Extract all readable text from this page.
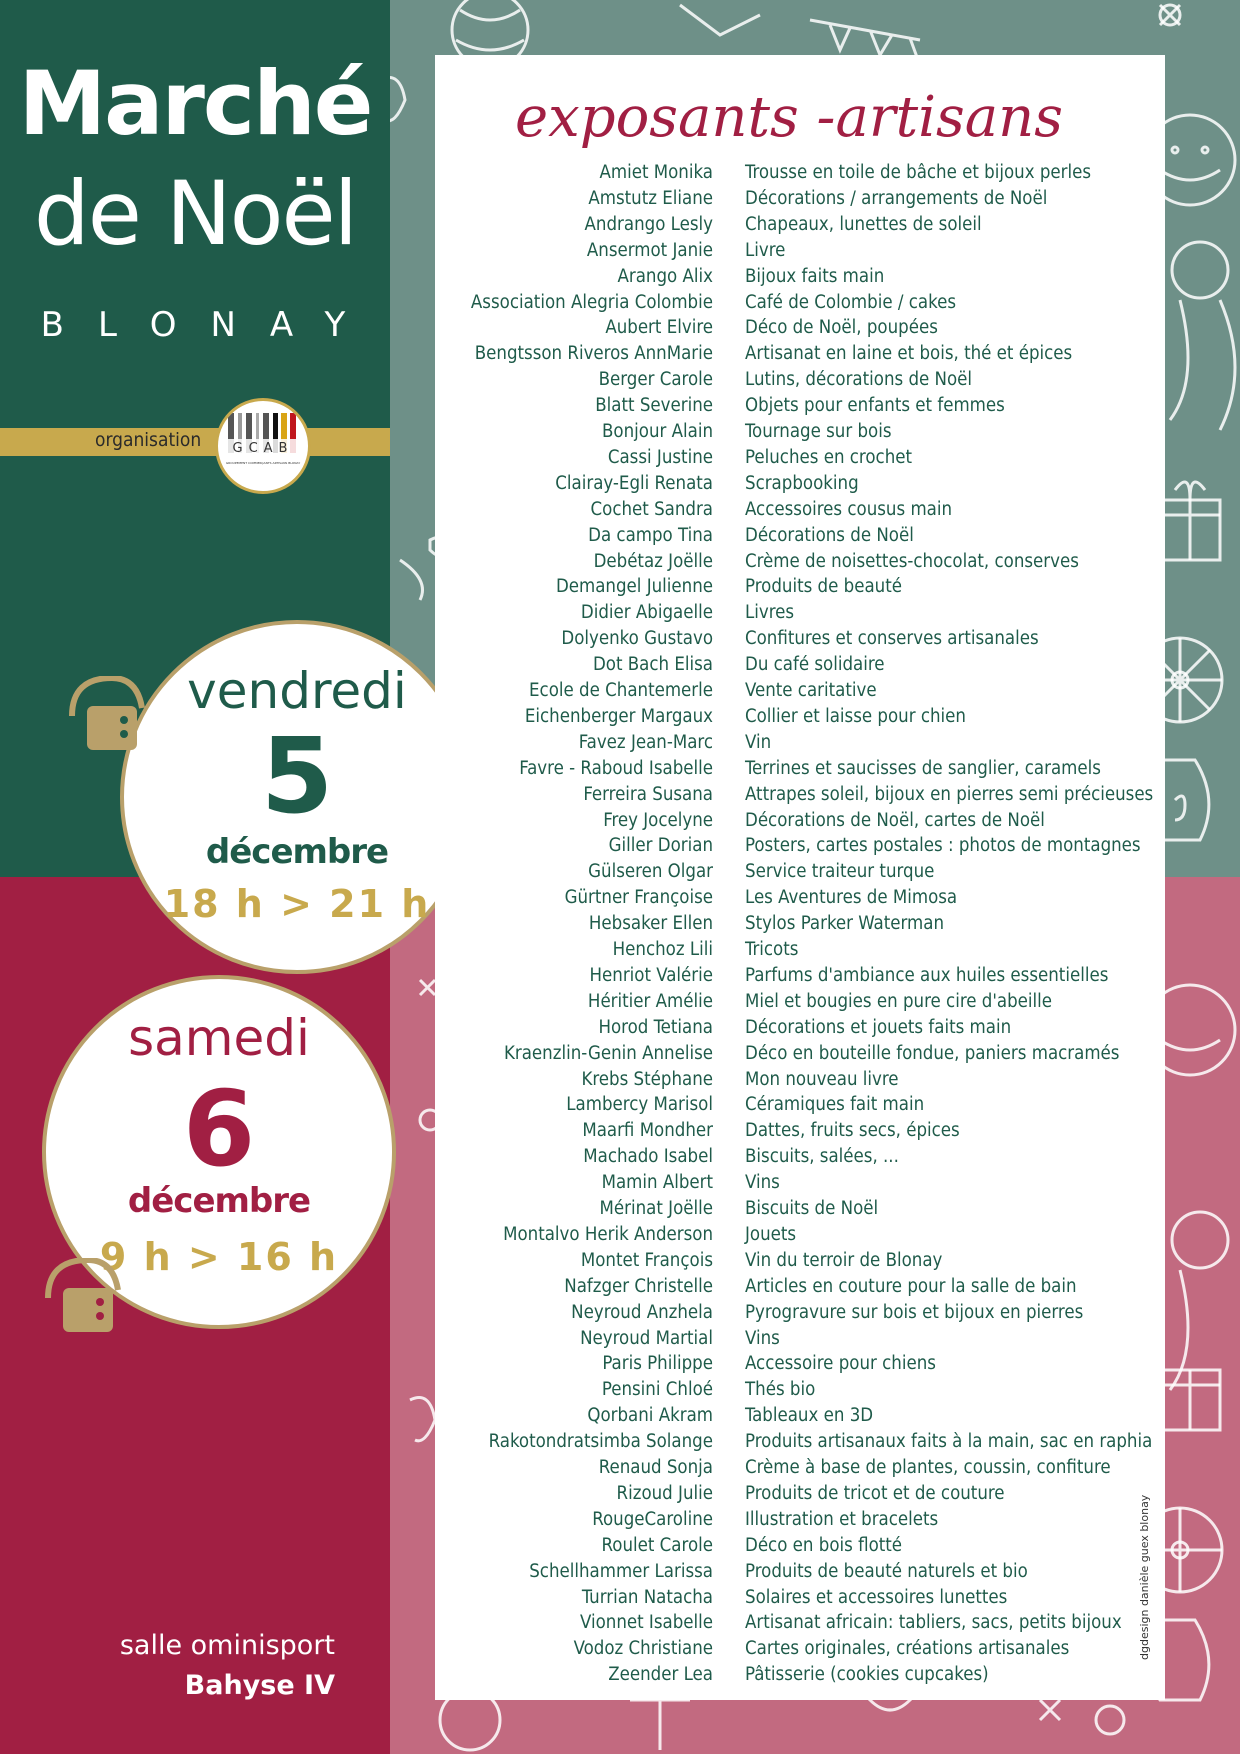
Marché
de Noël
BLONAY
organisation GCAB
GROUPEMENT COMMERÇANTS ARTISANS BLONAY
vendredi
5
décembre
18 h > 21 h
samedi
6
décembre
9 h > 16 h
salle ominisport
Bahyse IV
exposants -artisans
Amiet Monika Trousse en toile de bâche et bijoux perles
Amstutz Eliane Décorations / arrangements de Noël
Andrango Lesly Chapeaux, lunettes de soleil
Ansermot Janie Livre
Arango Alix Bijoux faits main
Association Alegria Colombie Café de Colombie / cakes
Aubert Elvire Déco de Noël, poupées
Bengtsson Riveros AnnMarie Artisanat en laine et bois, thé et épices
Berger Carole Lutins, décorations de Noël
Blatt Severine Objets pour enfants et femmes
Bonjour Alain Tournage sur bois
Cassi Justine Peluches en crochet
Clairay-Egli Renata Scrapbooking
Cochet Sandra Accessoires cousus main
Da campo Tina Décorations de Noël
Debétaz Joëlle Crème de noisettes-chocolat, conserves
Demangel Julienne Produits de beauté
Didier Abigaelle Livres
Dolyenko Gustavo Confitures et conserves artisanales
Dot Bach Elisa Du café solidaire
Ecole de Chantemerle Vente caritative
Eichenberger Margaux Collier et laisse pour chien
Favez Jean-Marc Vin
Favre - Raboud Isabelle Terrines et saucisses de sanglier, caramels
Ferreira Susana Attrapes soleil, bijoux en pierres semi précieuses
Frey Jocelyne Décorations de Noël, cartes de Noël
Giller Dorian Posters, cartes postales : photos de montagnes
Gülseren Olgar Service traiteur turque
Gürtner Françoise Les Aventures de Mimosa
Hebsaker Ellen Stylos Parker Waterman
Henchoz Lili Tricots
Henriot Valérie Parfums d'ambiance aux huiles essentielles
Héritier Amélie Miel et bougies en pure cire d'abeille
Horod Tetiana Décorations et jouets faits main
Kraenzlin-Genin Annelise Déco en bouteille fondue, paniers macramés
Krebs Stéphane Mon nouveau livre
Lambercy Marisol Céramiques fait main
Maarfi Mondher Dattes, fruits secs, épices
Machado Isabel Biscuits, salées, ...
Mamin Albert Vins
Mérinat Joëlle Biscuits de Noël
Montalvo Herik Anderson Jouets
Montet François Vin du terroir de Blonay
Nafzger Christelle Articles en couture pour la salle de bain
Neyroud Anzhela Pyrogravure sur bois et bijoux en pierres
Neyroud Martial Vins
Paris Philippe Accessoire pour chiens
Pensini Chloé Thés bio
Qorbani Akram Tableaux en 3D
Rakotondratsimba Solange Produits artisanaux faits à la main, sac en raphia
Renaud Sonja Crème à base de plantes, coussin, confiture
Rizoud Julie Produits de tricot et de couture
RougeCaroline Illustration et bracelets
Roulet Carole Déco en bois flotté
Schellhammer Larissa Produits de beauté naturels et bio
Turrian Natacha Solaires et accessoires lunettes
Vionnet Isabelle Artisanat africain: tabliers, sacs, petits bijoux
Vodoz Christiane Cartes originales, créations artisanales
Zeender Lea Pâtisserie (cookies cupcakes)
dgdesign danièle guex blonay
